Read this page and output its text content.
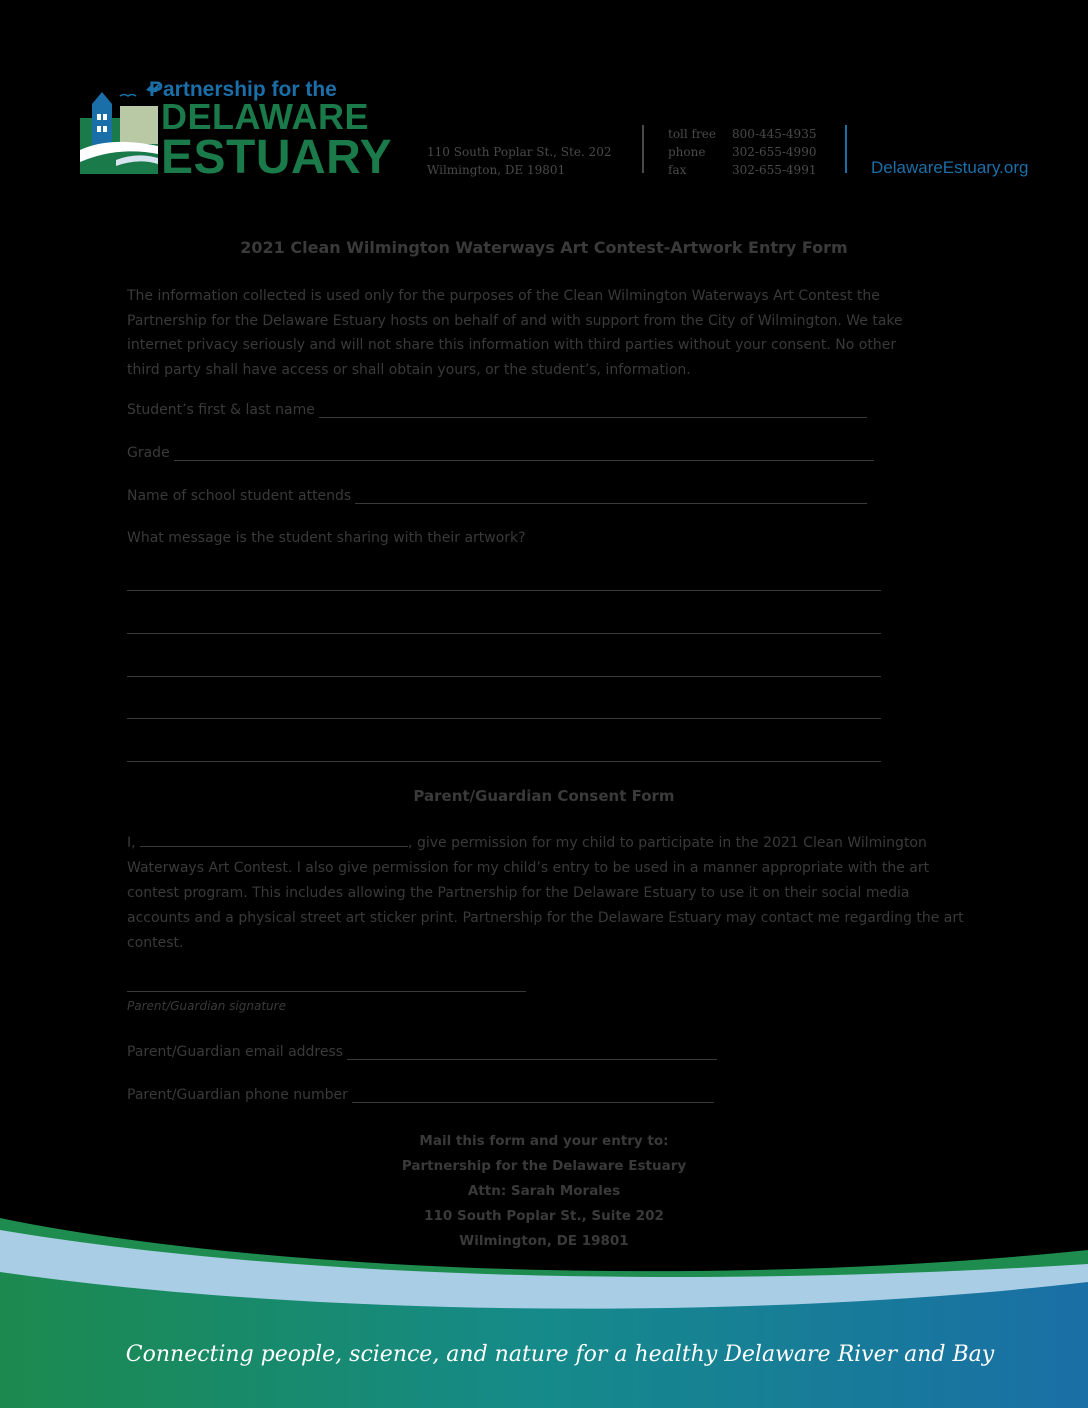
Partnership for the
DELAWARE
ESTUARY	110 South Poplar St., Ste. 202
Wilmington, DE 19801
toll free	800-445-4935
phone	302-655-4990
fax	302-655-4991	DelawareEstuary.org
2021 Clean Wilmington Waterways Art Contest-Artwork Entry Form
The information collected is used only for the purposes of the Clean Wilmington Waterways Art Contest the Partnership for the Delaware Estuary hosts on behalf of and with support from the City of Wilmington. We take internet privacy seriously and will not share this information with third parties without your consent. No other third party shall have access or shall obtain yours, or the student’s, information.
Student’s first & last name
Grade
Name of school student attends
What message is the student sharing with their artwork?
Parent/Guardian Consent Form
I,	, give permission for my child to participate in the 2021 Clean Wilmington Waterways Art Contest. I also give permission for my child’s entry to be used in a manner appropriate with the art contest program. This includes allowing the Partnership for the Delaware Estuary to use it on their social media accounts and a physical street art sticker print. Partnership for the Delaware Estuary may contact me regarding the art contest.
Parent/Guardian signature
Parent/Guardian email address
Parent/Guardian phone number
Mail this form and your entry to:
Partnership for the Delaware Estuary
Attn: Sarah Morales
110 South Poplar St., Suite 202
Wilmington, DE 19801
Connecting people, science, and nature for a healthy Delaware River and Bay
